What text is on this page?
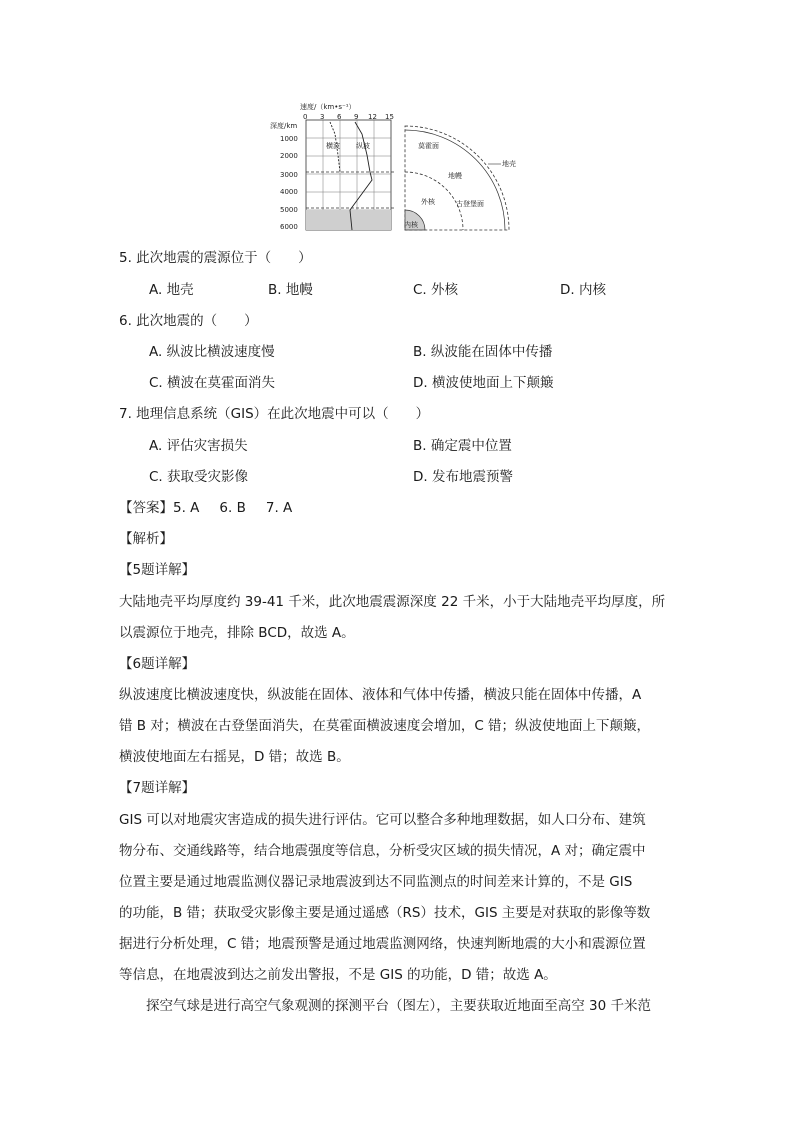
速度/（km•s⁻¹）
0 3 6 9 12 15
深度/km
1000
2000
3000
4000
5000
6000
横波 纵波	莫霍面
地壳
地幔
外核	古登堡面
内核
5. 此次地震的震源位于（　　）
A. 地壳	B. 地幔	C. 外核	D. 内核
6. 此次地震的（　　）
A. 纵波比横波速度慢	B. 纵波能在固体中传播
C. 横波在莫霍面消失	D. 横波使地面上下颠簸
7. 地理信息系统（GIS）在此次地震中可以（　　）
A. 评估灾害损失	B. 确定震中位置
C. 获取受灾影像	D. 发布地震预警
【答案】5. A 6. B 7. A
【解析】
【5题详解】
大陆地壳平均厚度约 39-41 千米，此次地震震源深度 22 千米，小于大陆地壳平均厚度，所
以震源位于地壳，排除 BCD，故选 A。
【6题详解】
纵波速度比横波速度快，纵波能在固体、液体和气体中传播，横波只能在固体中传播，A
错 B 对；横波在古登堡面消失，在莫霍面横波速度会增加，C 错；纵波使地面上下颠簸，
横波使地面左右摇晃，D 错；故选 B。
【7题详解】
GIS 可以对地震灾害造成的损失进行评估。它可以整合多种地理数据，如人口分布、建筑
物分布、交通线路等，结合地震强度等信息，分析受灾区域的损失情况，A 对；确定震中
位置主要是通过地震监测仪器记录地震波到达不同监测点的时间差来计算的，不是 GIS
的功能，B 错；获取受灾影像主要是通过遥感（RS）技术，GIS 主要是对获取的影像等数
据进行分析处理，C 错；地震预警是通过地震监测网络，快速判断地震的大小和震源位置
等信息，在地震波到达之前发出警报，不是 GIS 的功能，D 错；故选 A。
　　探空气球是进行高空气象观测的探测平台（图左），主要获取近地面至高空 30 千米范
